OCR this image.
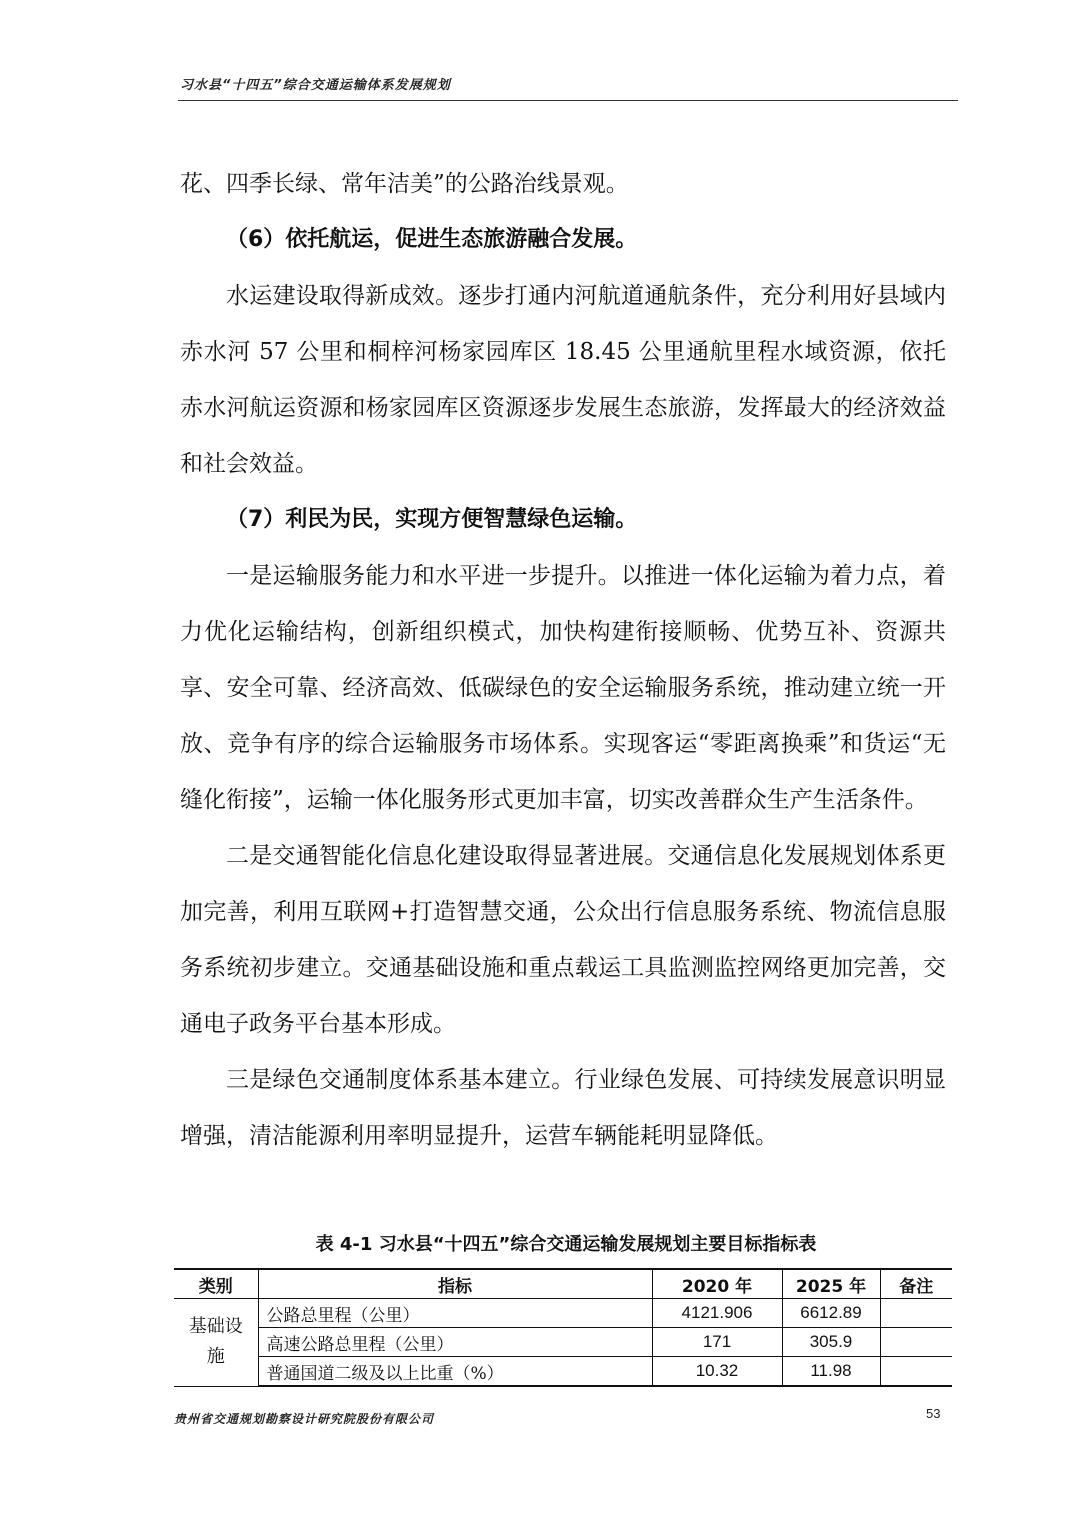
习水县“十四五”综合交通运输体系发展规划

花、四季长绿、常年洁美”的公路治线景观。

（6）依托航运，促进生态旅游融合发展。

水运建设取得新成效。逐步打通内河航道通航条件，充分利用好县域内赤水河 57 公里和桐梓河杨家园库区 18.45 公里通航里程水域资源，依托赤水河航运资源和杨家园库区资源逐步发展生态旅游，发挥最大的经济效益和社会效益。

（7）利民为民，实现方便智慧绿色运输。

一是运输服务能力和水平进一步提升。以推进一体化运输为着力点，着力优化运输结构，创新组织模式，加快构建衔接顺畅、优势互补、资源共享、安全可靠、经济高效、低碳绿色的安全运输服务系统，推动建立统一开放、竞争有序的综合运输服务市场体系。实现客运“零距离换乘”和货运“无缝化衔接”，运输一体化服务形式更加丰富，切实改善群众生产生活条件。

二是交通智能化信息化建设取得显著进展。交通信息化发展规划体系更加完善，利用互联网+打造智慧交通，公众出行信息服务系统、物流信息服务系统初步建立。交通基础设施和重点载运工具监测监控网络更加完善，交通电子政务平台基本形成。

三是绿色交通制度体系基本建立。行业绿色发展、可持续发展意识明显增强，清洁能源利用率明显提升，运营车辆能耗明显降低。

表 4-1 习水县“十四五”综合交通运输发展规划主要目标指标表
类别	指标	2020 年	2025 年	备注
基础设施	公路总里程（公里）	4121.906	6612.89	
	高速公路总里程（公里）	171	305.9	
	普通国道二级及以上比重（%）	10.32	11.98	
贵州省交通规划勘察设计研究院股份有限公司	53
